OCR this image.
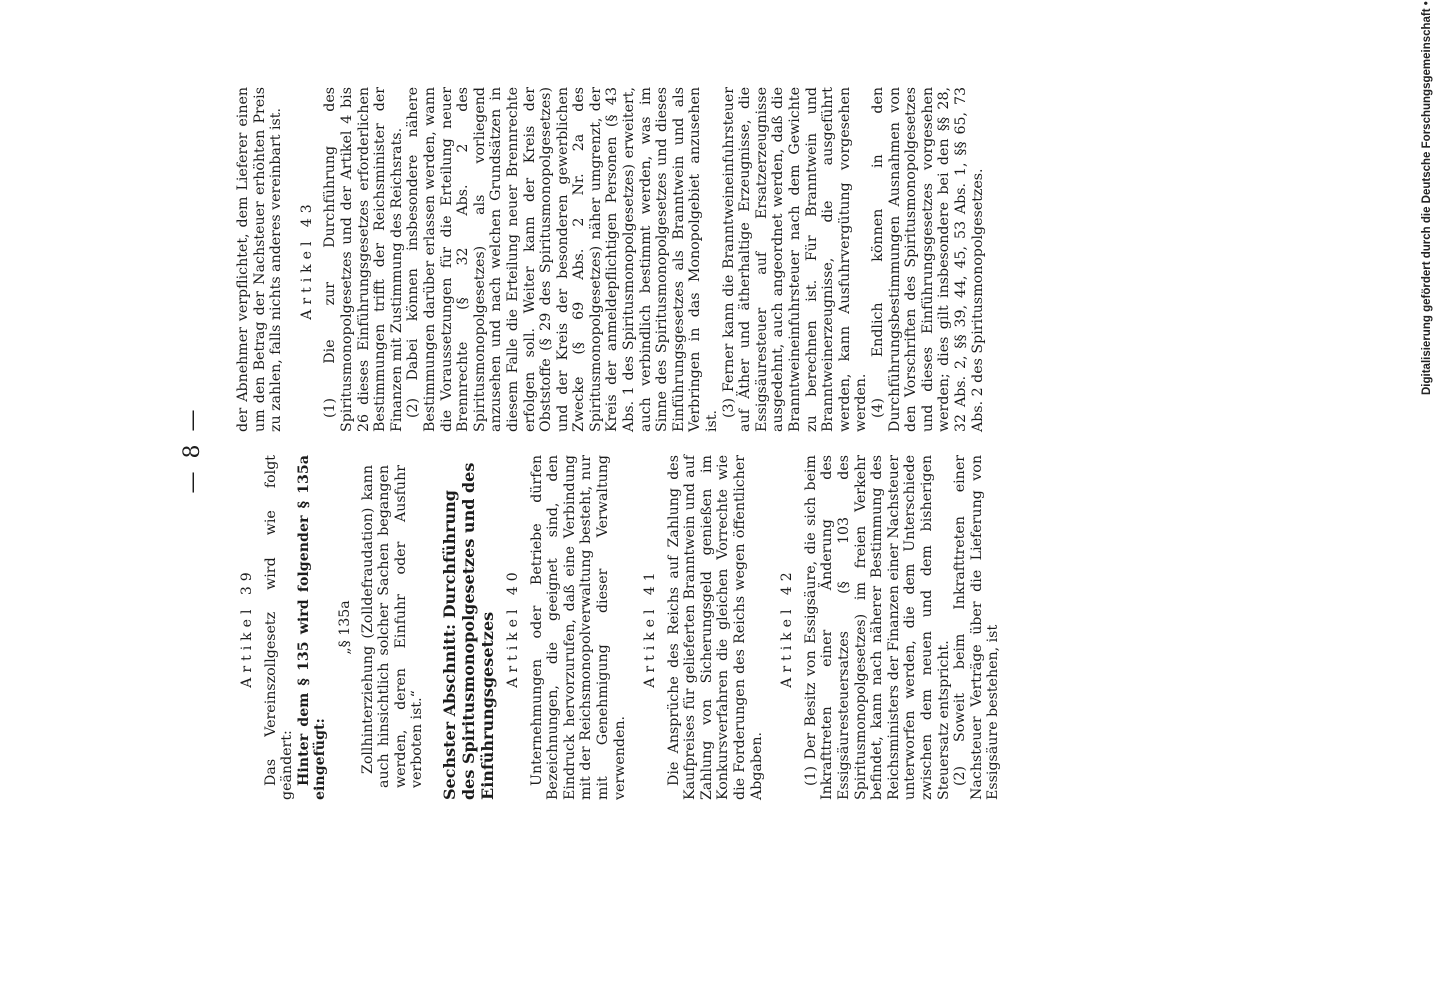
— 8 —
Artikel 39 Das Vereinszollgesetz wird wie folgt geändert: Hinter dem § 135 wird folgender § 135a eingefügt:

„§ 135a Zollhinterziehung (Zolldefraudation) kann auch hinsichtlich solcher Sachen begangen werden, deren Einfuhr oder Ausfuhr verboten ist.“ Sechster Abschnitt: Durchführung des Spiritusmonopolgesetzes und des Einführungsgesetzes Artikel 40 Unternehmungen oder Betriebe dürfen Bezeichnungen, die geeignet sind, den Eindruck hervorzurufen, daß eine Verbindung mit der Reichsmonopolverwaltung besteht, nur mit Genehmigung dieser Verwaltung verwenden.

Artikel 41 Die Ansprüche des Reichs auf Zahlung des Kaufpreises für gelieferten Branntwein und auf Zahlung von Sicherungsgeld genießen im Konkursverfahren die gleichen Vorrechte wie die Forderungen des Reichs wegen öffentlicher Abgaben.

Artikel 42 (1) Der Besitz von Essigsäure, die sich beim Inkrafttreten einer Änderung des Essigsäuresteuersatzes (§ 103 des Spiritusmonopolgesetzes) im freien Verkehr befindet, kann nach näherer Bestimmung des Reichsministers der Finanzen einer Nachsteuer unterworfen werden, die dem Unterschiede zwischen dem neuen und dem bisherigen Steuersatz entspricht. (2) Soweit beim Inkrafttreten einer Nachsteuer Verträge über die Lieferung von Essigsäure bestehen, ist

der Abnehmer verpflichtet, dem Lieferer einen um den Betrag der Nachsteuer erhöhten Preis zu zahlen, falls nichts anderes vereinbart ist. Artikel 43 (1) Die zur Durchführung des Spiritusmonopolgesetzes und der Artikel 4 bis 26 dieses Einführungsgesetzes erforderlichen Bestimmungen trifft der Reichsminister der Finanzen mit Zustimmung des Reichsrats. (2) Dabei können insbesondere nähere Bestimmungen darüber erlassen werden, wann die Voraussetzungen für die Erteilung neuer Brennrechte (§ 32 Abs. 2 des Spiritusmonopolgesetzes) als vorliegend anzusehen und nach welchen Grundsätzen in diesem Falle die Erteilung neuer Brennrechte erfolgen soll. Weiter kann der Kreis der Obststoffe (§ 29 des Spiritusmonopolgesetzes) und der Kreis der besonderen gewerblichen Zwecke (§ 69 Abs. 2 Nr. 2a des Spiritusmonopolgesetzes) näher umgrenzt, der Kreis der anmeldepflichtigen Personen (§ 43 Abs. 1 des Spiritusmonopolgesetzes) erweitert, auch verbindlich bestimmt werden, was im Sinne des Spiritusmonopolgesetzes und dieses Einführungsgesetzes als Branntwein und als Verbringen in das Monopolgebiet anzusehen ist.

(3) Ferner kann die Branntweineinfuhrsteuer auf Äther und ätherhaltige Erzeugnisse, die Essigsäuresteuer auf Ersatzerzeugnisse ausgedehnt, auch angeordnet werden, daß die Branntweineinfuhrsteuer nach dem Gewichte zu berechnen ist. Für Branntwein und Branntweinerzeugnisse, die ausgeführt werden, kann Ausfuhrvergütung vorgesehen werden. (4) Endlich können in den Durchführungsbestimmungen Ausnahmen von den Vorschriften des Spiritusmonopolgesetzes und dieses Einführungsgesetzes vorgesehen werden; dies gilt insbesondere bei den §§ 28, 32 Abs. 2, §§ 39, 44, 45, 53 Abs. 1, §§ 65, 73 Abs. 2 des Spiritusmonopolgesetzes.	Digitalisierung gefördert durch die Deutsche Forschungsgemeinschaft •
